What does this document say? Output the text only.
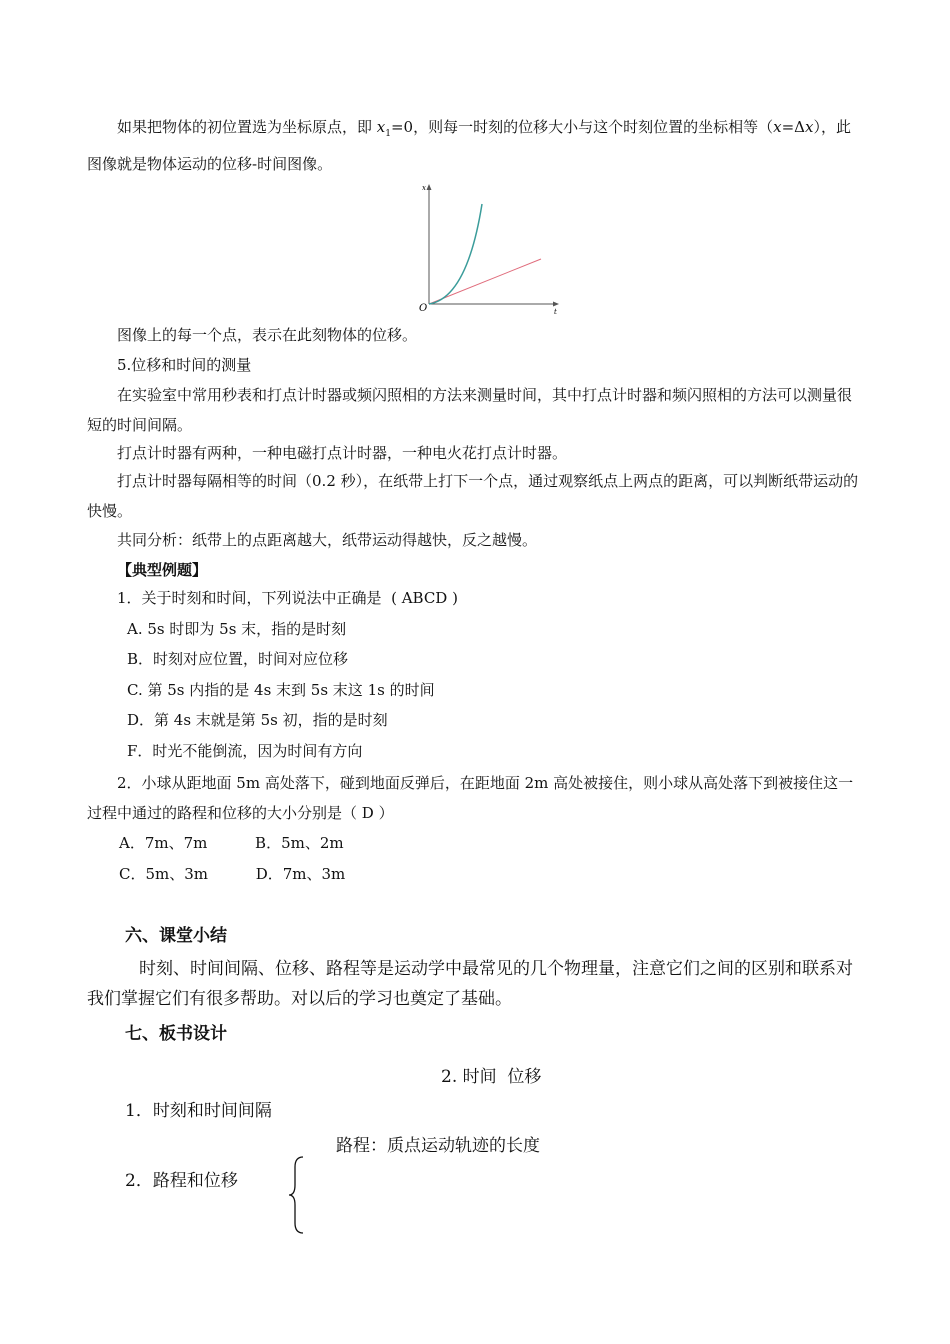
如果把物体的初位置选为坐标原点，即 $x_1=0$，则每一时刻的位移大小与这个时刻位置的坐标相等（x=Δx），此图像就是物体运动的位移-时间图像。

x
t
O
图像上的每一个点，表示在此刻物体的位移。
5.位移和时间的测量

在实验室中常用秒表和打点计时器或频闪照相的方法来测量时间，其中打点计时器和频闪照相的方法可以测量很短的时间间隔。

打点计时器有两种，一种电磁打点计时器，一种电火花打点计时器。

打点计时器每隔相等的时间（0.2 秒），在纸带上打下一个点，通过观察纸点上两点的距离，可以判断纸带运动的快慢。

共同分析：纸带上的点距离越大，纸带运动得越快，反之越慢。
【典型例题】
1．关于时刻和时间，下列说法中正确是  ( ABCD )
A. 5s 时即为 5s 末，指的是时刻
B．时刻对应位置，时间对应位移
C. 第 5s 内指的是 4s 末到 5s 末这 1s 的时间
D．第 4s 末就是第 5s 初，指的是时刻
F．时光不能倒流，因为时间有方向

2．小球从距地面 5m 高处落下，碰到地面反弹后，在距地面 2m 高处被接住，则小球从高处落下到被接住这一过程中通过的路程和位移的大小分别是（ D ）

A．7m、7m          B．5m、2m
C．5m、3m          D．7m、3m
六、课堂小结

时刻、时间间隔、位移、路程等是运动学中最常见的几个物理量，注意它们之间的区别和联系对我们掌握它们有很多帮助。对以后的学习也奠定了基础。

七、板书设计
2. 时间  位移
1．时刻和时间间隔
路程：质点运动轨迹的长度
2．路程和位移
